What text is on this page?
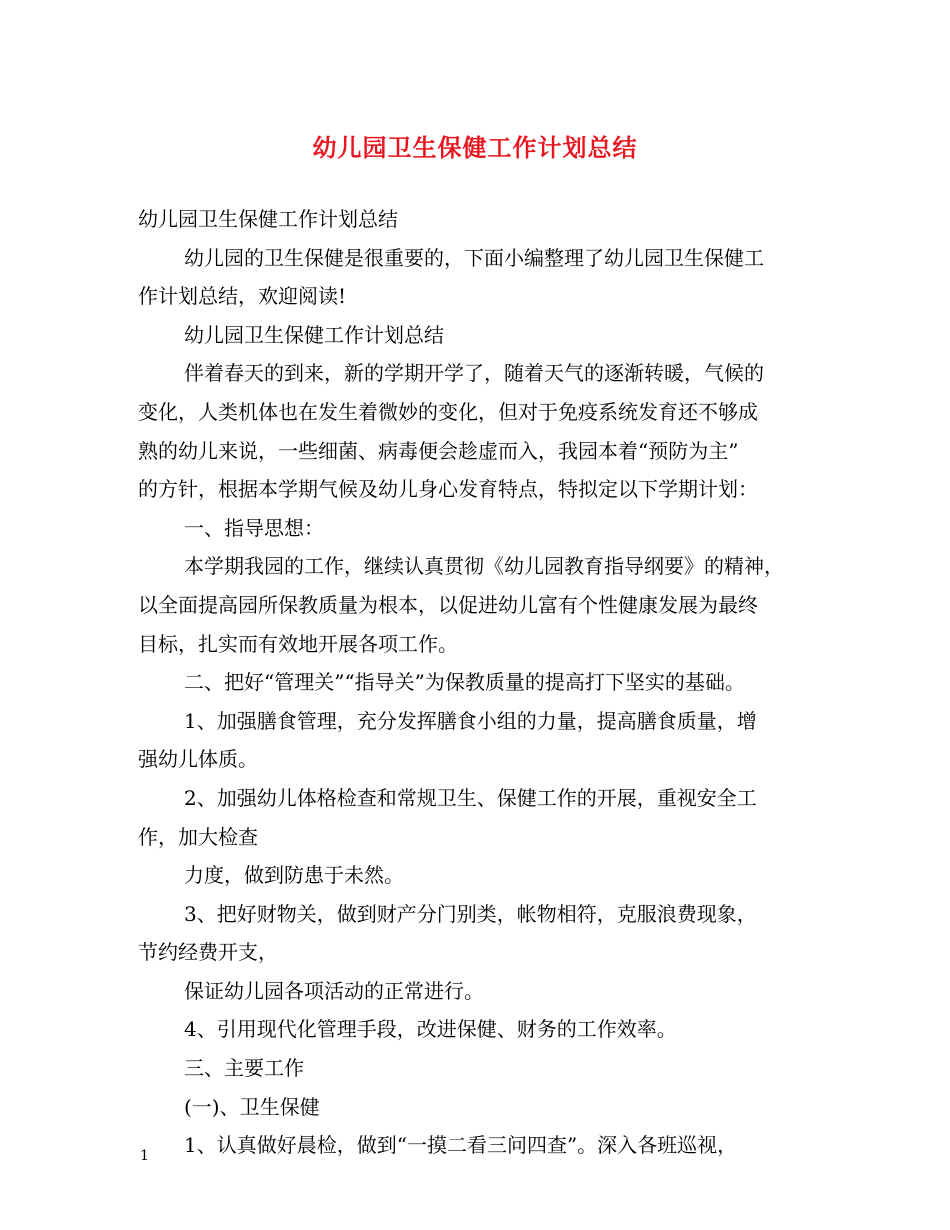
幼儿园卫生保健工作计划总结
幼儿园卫生保健工作计划总结
幼儿园的卫生保健是很重要的，下面小编整理了幼儿园卫生保健工
作计划总结，欢迎阅读!
幼儿园卫生保健工作计划总结
伴着春天的到来，新的学期开学了，随着天气的逐渐转暖，气候的
变化，人类机体也在发生着微妙的变化，但对于免疫系统发育还不够成
熟的幼儿来说，一些细菌、病毒便会趁虚而入，我园本着“预防为主”
的方针，根据本学期气候及幼儿身心发育特点，特拟定以下学期计划：
一、指导思想：
本学期我园的工作，继续认真贯彻《幼儿园教育指导纲要》的精神，
以全面提高园所保教质量为根本，以促进幼儿富有个性健康发展为最终
目标，扎实而有效地开展各项工作。
二、把好“管理关”“指导关”为保教质量的提高打下坚实的基础。
1、加强膳食管理，充分发挥膳食小组的力量，提高膳食质量，增
强幼儿体质。
2、加强幼儿体格检查和常规卫生、保健工作的开展，重视安全工
作，加大检查
力度，做到防患于未然。
3、把好财物关，做到财产分门别类，帐物相符，克服浪费现象，
节约经费开支，
保证幼儿园各项活动的正常进行。
4、引用现代化管理手段，改进保健、财务的工作效率。
三、主要工作
(一)、卫生保健
1、认真做好晨检，做到“一摸二看三问四查”。深入各班巡视，
1
